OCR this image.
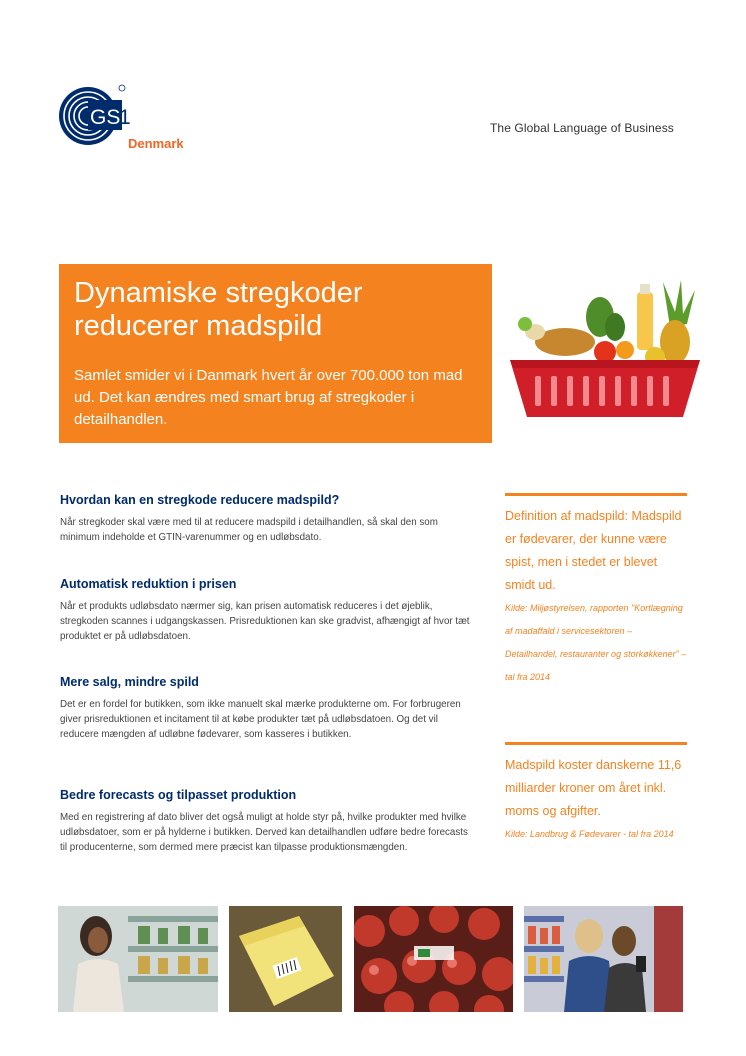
GS
1
Denmark
The Global Language of Business
Dynamiske stregkoder reducerer madspild

Samlet smider vi i Danmark hvert år over 700.000 ton mad ud. Det kan ændres med smart brug af stregkoder i detailhandlen.

Hvordan kan en stregkode reducere madspild?

Når stregkoder skal være med til at reducere madspild i detailhandlen, så skal den som minimum indeholde et GTIN-varenummer og en udløbsdato.

Automatisk reduktion i prisen

Når et produkts udløbsdato nærmer sig, kan prisen automatisk reduceres i det øjeblik, stregkoden scannes i udgangskassen. Prisreduktionen kan ske gradvist, afhængigt af hvor tæt produktet er på udløbsdatoen.

Mere salg, mindre spild

Det er en fordel for butikken, som ikke manuelt skal mærke produkterne om. For forbrugeren giver prisreduktionen et incitament til at købe produkter tæt på udløbsdatoen. Og det vil reducere mængden af udløbne fødevarer, som kasseres i butikken.

Bedre forecasts og tilpasset produktion

Med en registrering af dato bliver det også muligt at holde styr på, hvilke produkter med hvilke udløbsdatoer, som er på hylderne i butikken. Derved kan detailhandlen udføre bedre forecasts til producenterne, som dermed mere præcist kan tilpasse produktionsmængden.

Definition af madspild: Madspild er fødevarer, der kunne være spist, men i stedet er blevet smidt ud.

Kilde: Miljøstyrelsen, rapporten "Kortlægning af madaffald i servicesektoren – Detailhandel, restauranter og storkøkkener" – tal fra 2014

Madspild koster danskerne 11,6 milliarder kroner om året inkl. moms og afgifter.

Kilde: Landbrug & Fødevarer - tal fra 2014
